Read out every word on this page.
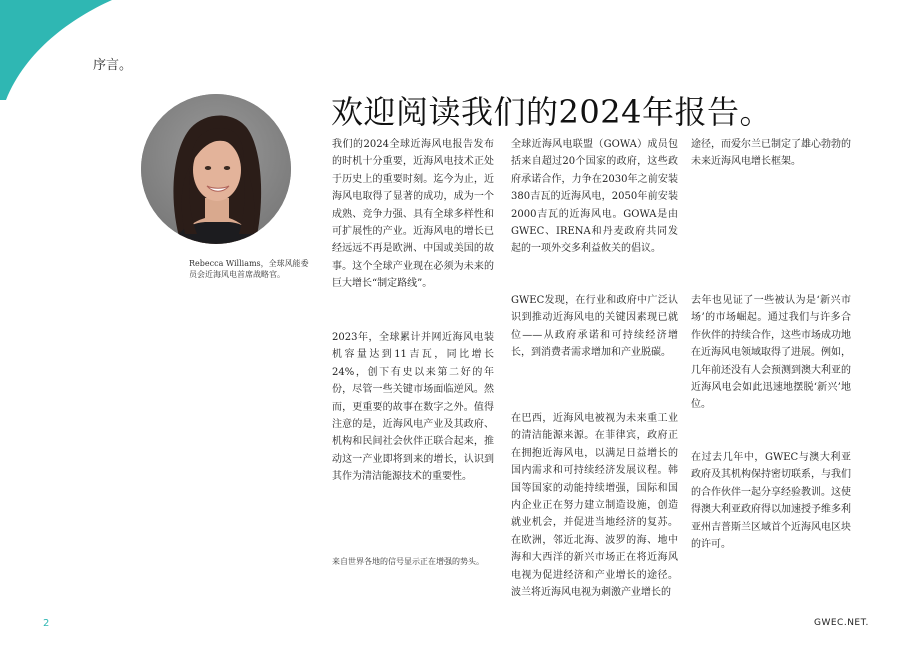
序言。
Rebecca Williams，全球风能委员会近海风电首席战略官。
欢迎阅读我们的2024年报告。
我们的2024全球近海风电报告发布的时机十分重要，近海风电技术正处于历史上的重要时刻。迄今为止，近海风电取得了显著的成功，成为一个成熟、竞争力强、具有全球多样性和可扩展性的产业。近海风电的增长已经远远不再是欧洲、中国或美国的故事。这个全球产业现在必须为未来的巨大增长“制定路线”。
2023年，全球累计并网近海风电装机容量达到11吉瓦，同比增长24%，创下有史以来第二好的年份，尽管一些关键市场面临逆风。然而，更重要的故事在数字之外。值得注意的是，近海风电产业及其政府、机构和民间社会伙伴正联合起来，推动这一产业即将到来的增长，认识到其作为清洁能源技术的重要性。
来自世界各地的信号显示正在增强的势头。
全球近海风电联盟（GOWA）成员包括来自超过20个国家的政府，这些政府承诺合作，力争在2030年之前安装380吉瓦的近海风电，2050年前安装2000吉瓦的近海风电。GOWA是由GWEC、IRENA和丹麦政府共同发起的一项外交多利益攸关的倡议。
GWEC发现，在行业和政府中广泛认识到推动近海风电的关键因素现已就位——从政府承诺和可持续经济增长，到消费者需求增加和产业脱碳。
在巴西，近海风电被视为未来重工业的清洁能源来源。在菲律宾，政府正在拥抱近海风电，以满足日益增长的国内需求和可持续经济发展议程。韩国等国家的动能持续增强，国际和国内企业正在努力建立制造设施，创造就业机会，并促进当地经济的复苏。在欧洲，邻近北海、波罗的海、地中海和大西洋的新兴市场正在将近海风电视为促进经济和产业增长的途径。波兰将近海风电视为刺激产业增长的
途径，而爱尔兰已制定了雄心勃勃的未来近海风电增长框架。
去年也见证了一些被认为是‘新兴市场’的市场崛起。通过我们与许多合作伙伴的持续合作，这些市场成功地在近海风电领域取得了进展。例如，几年前还没有人会预测到澳大利亚的近海风电会如此迅速地摆脱‘新兴’地位。
在过去几年中，GWEC与澳大利亚政府及其机构保持密切联系，与我们的合作伙伴一起分享经验教训。这使得澳大利亚政府得以加速授予维多利亚州吉普斯兰区域首个近海风电区块的许可。
2	GWEC.NET.
